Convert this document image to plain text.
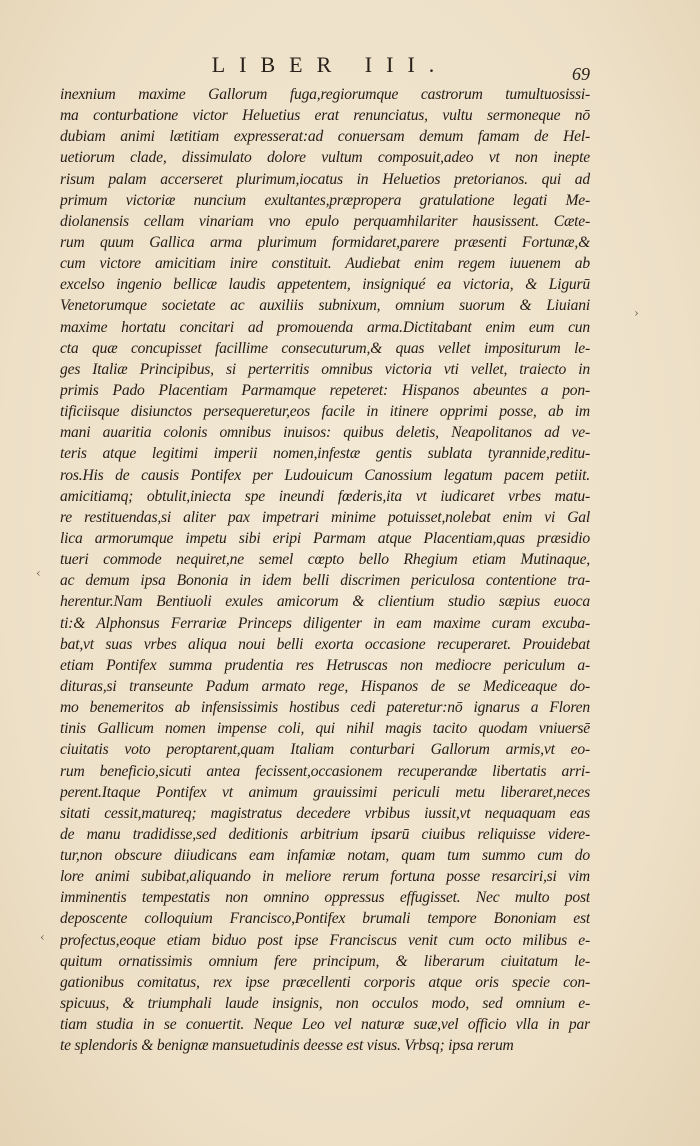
LIBER III.	69
inexnium maxime Gallorum fuga,regiorumque castrorum tumultuosissi-
ma conturbatione victor Heluetius erat renunciatus, vultu sermoneque nō
dubiam animi lætitiam expresserat:ad conuersam demum famam de Hel-
uetiorum clade, dissimulato dolore vultum composuit,adeo vt non inepte
risum palam accerseret plurimum,iocatus in Heluetios pretorianos. qui ad
primum victoriæ nuncium exultantes,præpropera gratulatione legati Me-
diolanensis cellam vinariam vno epulo perquamhilariter hausissent. Cæte-
rum quum Gallica arma plurimum formidaret,parere præsenti Fortunæ,&
cum victore amicitiam inire constituit. Audiebat enim regem iuuenem ab
excelso ingenio bellicæ laudis appetentem, insigniqué ea victoria, & Ligurū
Venetorumque societate ac auxiliis subnixum, omnium suorum & Liuiani
maxime hortatu concitari ad promouenda arma.Dictitabant enim eum cun
cta quæ concupisset facillime consecuturum,& quas vellet impositurum le-
ges Italiæ Principibus, si perterritis omnibus victoria vti vellet, traiecto in
primis Pado Placentiam Parmamque repeteret: Hispanos abeuntes a pon-
tificiisque disiunctos persequeretur,eos facile in itinere opprimi posse, ab im
mani auaritia colonis omnibus inuisos: quibus deletis, Neapolitanos ad ve-
teris atque legitimi imperii nomen,infestæ gentis sublata tyrannide,reditu-
ros.His de causis Pontifex per Ludouicum Canossium legatum pacem petiit.
amicitiamq; obtulit,iniecta spe ineundi fœderis,ita vt iudicaret vrbes matu-
re restituendas,si aliter pax impetrari minime potuisset,nolebat enim vi Gal
lica armorumque impetu sibi eripi Parmam atque Placentiam,quas præsidio
tueri commode nequiret,ne semel cœpto bello Rhegium etiam Mutinaque,
ac demum ipsa Bononia in idem belli discrimen periculosa contentione tra-
herentur.Nam Bentiuoli exules amicorum & clientium studio sæpius euoca
ti:& Alphonsus Ferrariæ Princeps diligenter in eam maxime curam excuba-
bat,vt suas vrbes aliqua noui belli exorta occasione recuperaret. Prouidebat
etiam Pontifex summa prudentia res Hetruscas non mediocre periculum a-
dituras,si transeunte Padum armato rege, Hispanos de se Mediceaque do-
mo benemeritos ab infensissimis hostibus cedi pateretur:nō ignarus a Floren
tinis Gallicum nomen impense coli, qui nihil magis tacito quodam vniuersē
ciuitatis voto peroptarent,quam Italiam conturbari Gallorum armis,vt eo-
rum beneficio,sicuti antea fecissent,occasionem recuperandæ libertatis arri-
perent.Itaque Pontifex vt animum grauissimi periculi metu liberaret,neces
sitati cessit,matureq; magistratus decedere vrbibus iussit,vt nequaquam eas
de manu tradidisse,sed deditionis arbitrium ipsarū ciuibus reliquisse videre-
tur,non obscure diiudicans eam infamiæ notam, quam tum summo cum do
lore animi subibat,aliquando in meliore rerum fortuna posse resarciri,si vim
imminentis tempestatis non omnino oppressus effugisset. Nec multo post
deposcente colloquium Francisco,Pontifex brumali tempore Bononiam est
profectus,eoque etiam biduo post ipse Franciscus venit cum octo milibus e-
quitum ornatissimis omnium fere principum, & liberarum ciuitatum le-
gationibus comitatus, rex ipse præcellenti corporis atque oris specie con-
spicuus, & triumphali laude insignis, non occulos modo, sed omnium e-
tiam studia in se conuertit. Neque Leo vel naturæ suæ,vel officio vlla in par
te splendoris & benignæ mansuetudinis deesse est visus. Vrbsq; ipsa rerum
›
‹
‹
